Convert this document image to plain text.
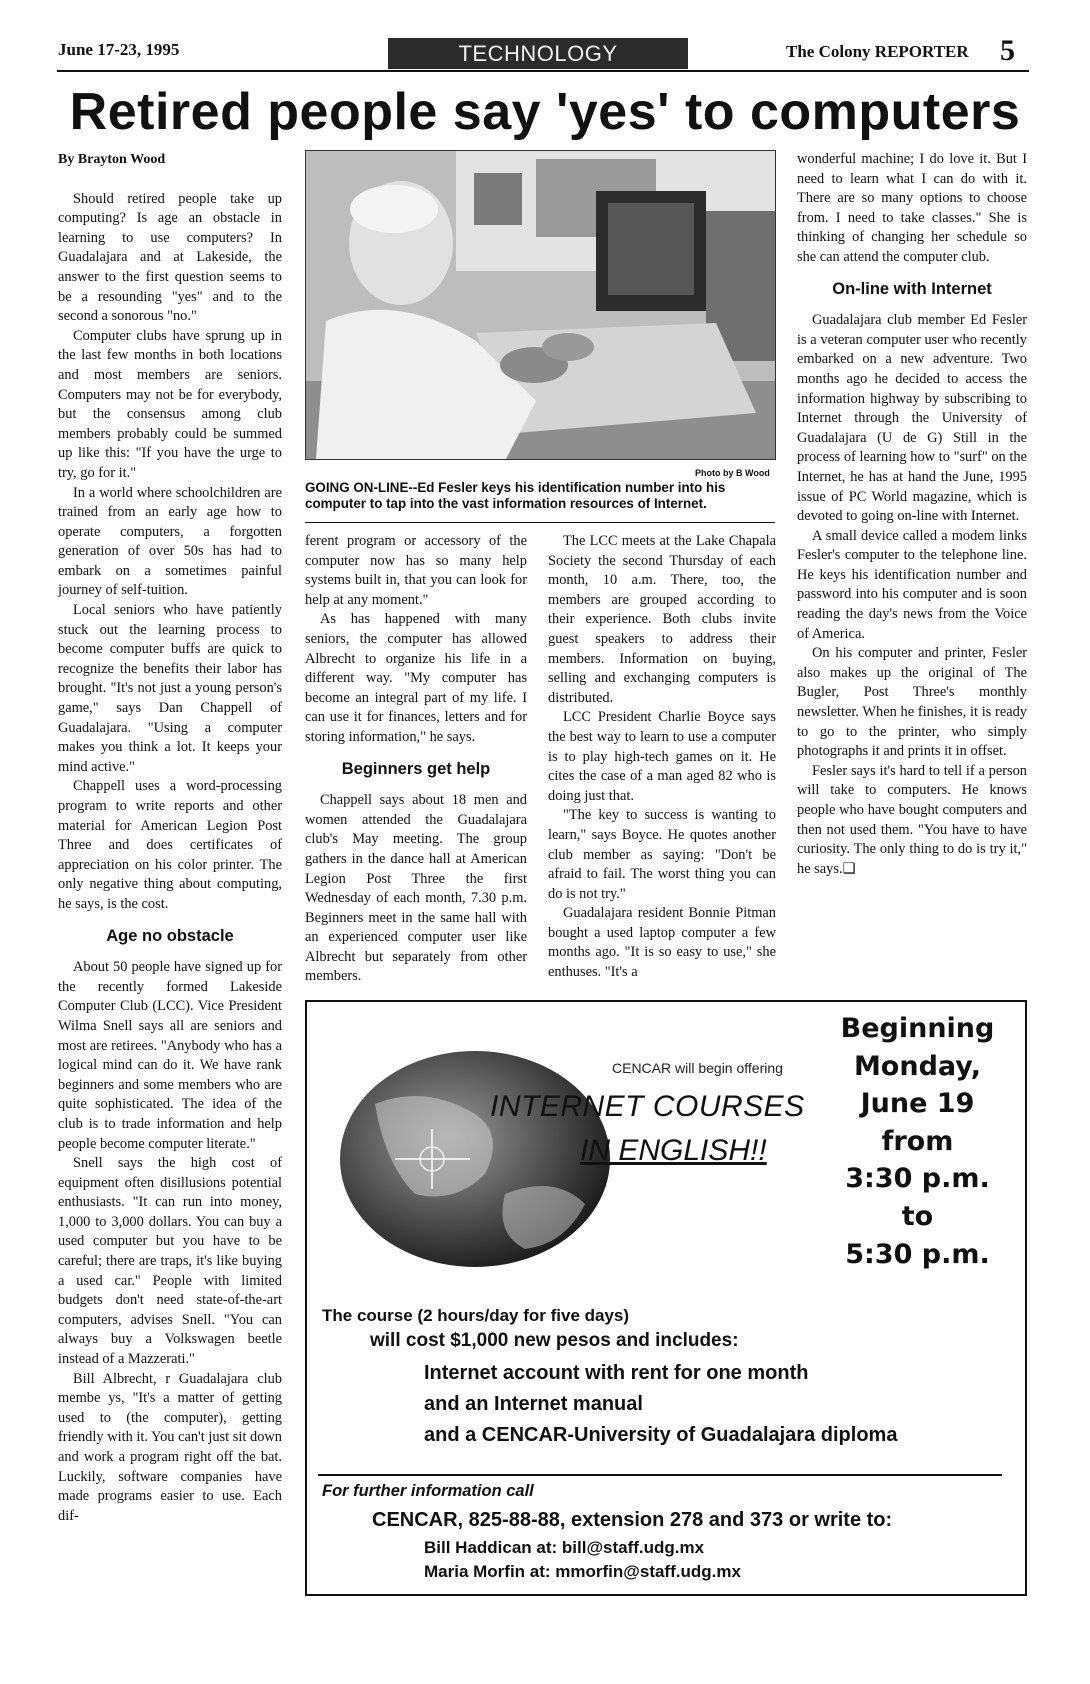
June 17-23, 1995	TECHNOLOGY	The Colony REPORTER 5
Retired people say 'yes' to computers
By Brayton Wood

Should retired people take up computing? Is age an obstacle in learning to use computers? In Guadalajara and at Lakeside, the answer to the first question seems to be a resounding "yes" and to the second a sonorous "no."

Computer clubs have sprung up in the last few months in both locations and most members are seniors. Computers may not be for everybody, but the consensus among club members probably could be summed up like this: "If you have the urge to try, go for it."

In a world where schoolchildren are trained from an early age how to operate computers, a forgotten generation of over 50s has had to embark on a sometimes painful journey of self-tuition.

Local seniors who have patiently stuck out the learning process to become computer buffs are quick to recognize the benefits their labor has brought. "It's not just a young person's game," says Dan Chappell of Guadalajara. "Using a computer makes you think a lot. It keeps your mind active."

Chappell uses a word-processing program to write reports and other material for American Legion Post Three and does certificates of appreciation on his color printer. The only negative thing about computing, he says, is the cost.

Age no obstacle

About 50 people have signed up for the recently formed Lakeside Computer Club (LCC). Vice President Wilma Snell says all are seniors and most are retirees. "Anybody who has a logical mind can do it. We have rank beginners and some members who are quite sophisticated. The idea of the club is to trade information and help people become computer literate."

Snell says the high cost of equipment often disillusions potential enthusiasts. "It can run into money, 1,000 to 3,000 dollars. You can buy a used computer but you have to be careful; there are traps, it's like buying a used car." People with limited budgets don't need state-of-the-art computers, advises Snell. "You can always buy a Volkswagen beetle instead of a Mazzerati."

Bill Albrecht, r Guadalajara club membe ys, "It's a matter of getting used to (the computer), getting friendly with it. You can't just sit down and work a program right off the bat. Luckily, software companies have made programs easier to use. Each dif-

Photo by B Wood
GOING ON-LINE--Ed Fesler keys his identification number into his computer to tap into the vast information resources of Internet.

ferent program or accessory of the computer now has so many help systems built in, that you can look for help at any moment."

As has happened with many seniors, the computer has allowed Albrecht to organize his life in a different way. "My computer has become an integral part of my life. I can use it for finances, letters and for storing information," he says.

Beginners get help

Chappell says about 18 men and women attended the Guadalajara club's May meeting. The group gathers in the dance hall at American Legion Post Three the first Wednesday of each month, 7.30 p.m. Beginners meet in the same hall with an experienced computer user like Albrecht but separately from other members.

The LCC meets at the Lake Chapala Society the second Thursday of each month, 10 a.m. There, too, the members are grouped according to their experience. Both clubs invite guest speakers to address their members. Information on buying, selling and exchanging computers is distributed.

LCC President Charlie Boyce says the best way to learn to use a computer is to play high-tech games on it. He cites the case of a man aged 82 who is doing just that.

"The key to success is wanting to learn," says Boyce. He quotes another club member as saying: "Don't be afraid to fail. The worst thing you can do is not try."

Guadalajara resident Bonnie Pitman bought a used laptop computer a few months ago. "It is so easy to use," she enthuses. "It's a

wonderful machine; I do love it. But I need to learn what I can do with it. There are so many options to choose from. I need to take classes." She is thinking of changing her schedule so she can attend the computer club.

On-line with Internet

Guadalajara club member Ed Fesler is a veteran computer user who recently embarked on a new adventure. Two months ago he decided to access the information highway by subscribing to Internet through the University of Guadalajara (U de G) Still in the process of learning how to "surf" on the Internet, he has at hand the June, 1995 issue of PC World magazine, which is devoted to going on-line with Internet.

A small device called a modem links Fesler's computer to the telephone line. He keys his identification number and password into his computer and is soon reading the day's news from the Voice of America.

On his computer and printer, Fesler also makes up the original of The Bugler, Post Three's monthly newsletter. When he finishes, it is ready to go to the printer, who simply photographs it and prints it in offset.

Fesler says it's hard to tell if a person will take to computers. He knows people who have bought computers and then not used them. "You have to have curiosity. The only thing to do is try it," he says.❑

CENCAR will begin offering
INTERNET COURSES
IN ENGLISH!!
Beginning
Monday,
June 19
from
3:30 p.m.
to
5:30 p.m.
The course (2 hours/day for five days)
will cost $1,000 new pesos and includes:
Internet account with rent for one month
and an Internet manual
and a CENCAR-University of Guadalajara diploma
For further information call
CENCAR, 825-88-88, extension 278 and 373 or write to:
Bill Haddican at: bill@staff.udg.mx
Maria Morfin at: mmorfin@staff.udg.mx
